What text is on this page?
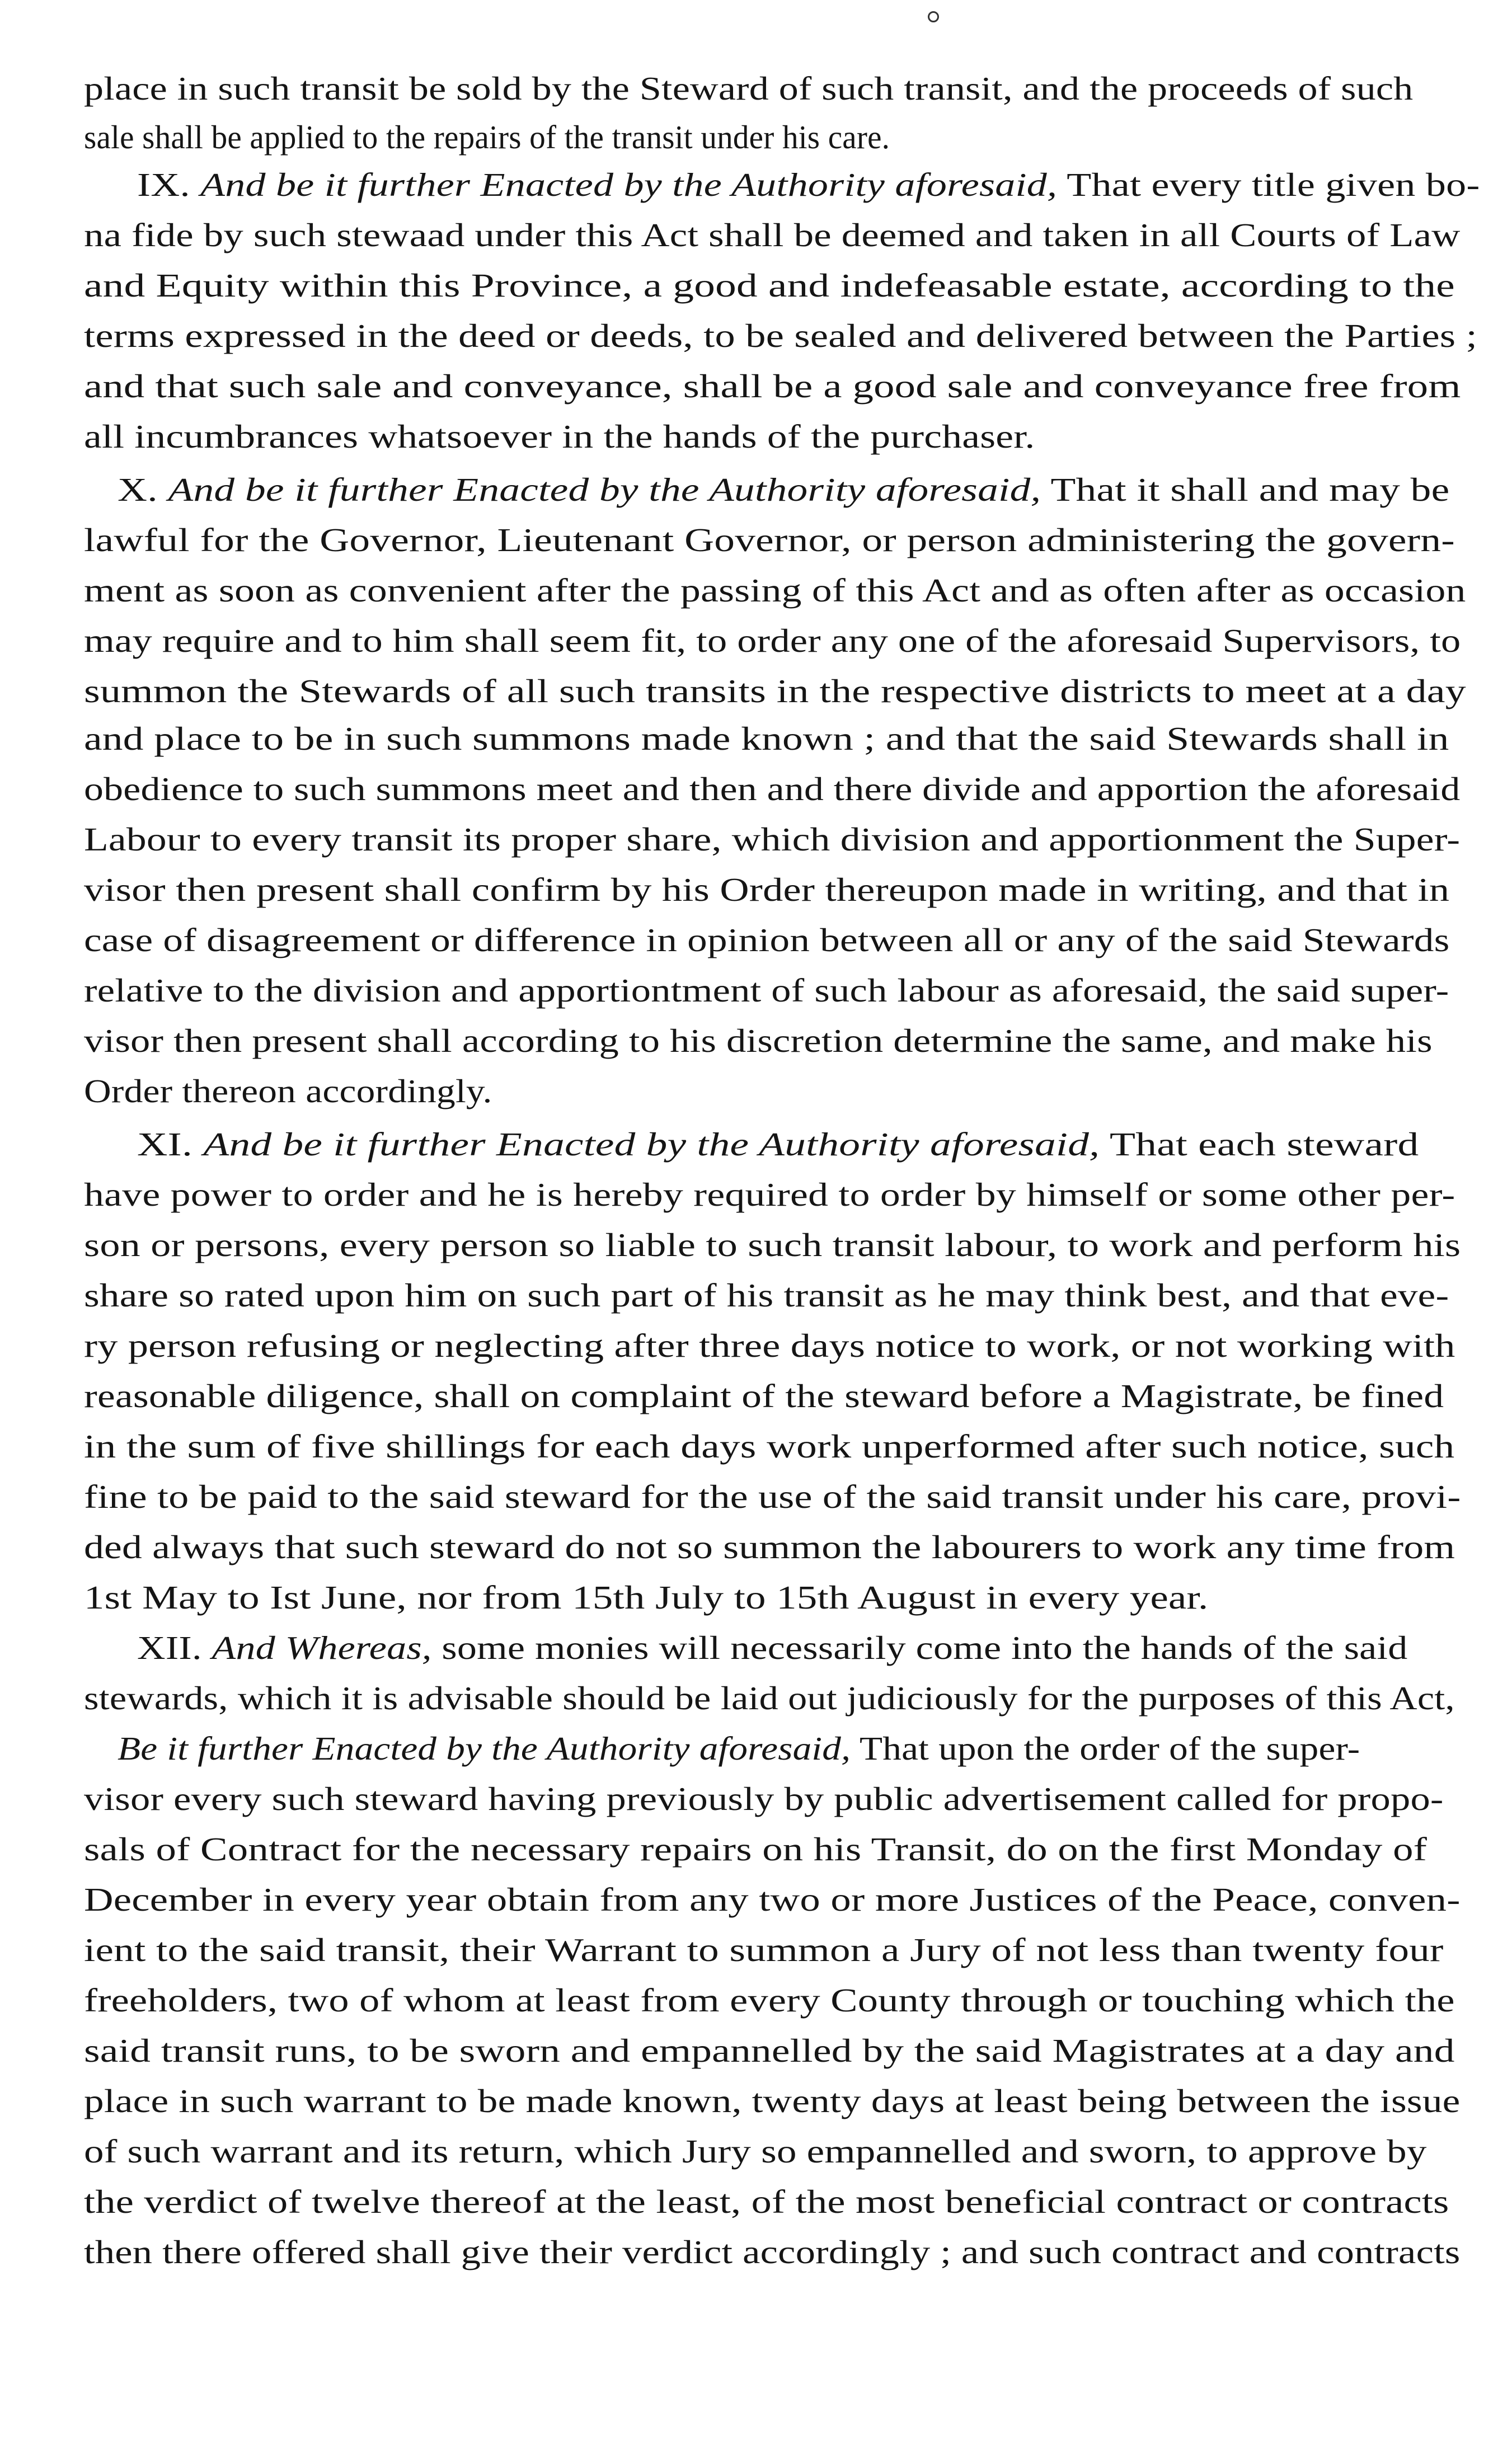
place in such transit be sold by the Steward of such transit, and the proceeds of such
sale shall be applied to the repairs of the transit under his care.
IX. And be it further Enacted by the Authority aforesaid, That every title given bo-
na fide by such stewaad under this Act shall be deemed and taken in all Courts of Law
and Equity within this Province, a good and indefeasable estate, according to the
terms expressed in the deed or deeds, to be sealed and delivered between the Parties ;
and that such sale and conveyance, shall be a good sale and conveyance free from
all incumbrances whatsoever in the hands of the purchaser.
X. And be it further Enacted by the Authority aforesaid, That it shall and may be
lawful for the Governor, Lieutenant Governor, or person administering the govern-
ment as soon as convenient after the passing of this Act and as often after as occasion
may require and to him shall seem fit, to order any one of the aforesaid Supervisors, to
summon the Stewards of all such transits in the respective districts to meet at a day
and place to be in such summons made known ; and that the said Stewards shall in
obedience to such summons meet and then and there divide and apportion the aforesaid
Labour to every transit its proper share, which division and apportionment the Super-
visor then present shall confirm by his Order thereupon made in writing, and that in
case of disagreement or difference in opinion between all or any of the said Stewards
relative to the division and apportiontment of such labour as aforesaid, the said super-
visor then present shall according to his discretion determine the same, and make his
Order thereon accordingly.
XI. And be it further Enacted by the Authority aforesaid, That each steward
have power to order and he is hereby required to order by himself or some other per-
son or persons, every person so liable to such transit labour, to work and perform his
share so rated upon him on such part of his transit as he may think best, and that eve-
ry person refusing or neglecting after three days notice to work, or not working with
reasonable diligence, shall on complaint of the steward before a Magistrate, be fined
in the sum of five shillings for each days work unperformed after such notice, such
fine to be paid to the said steward for the use of the said transit under his care, provi-
ded always that such steward do not so summon the labourers to work any time from
1st May to Ist June, nor from 15th July to 15th August in every year.
XII. And Whereas, some monies will necessarily come into the hands of the said
stewards, which it is advisable should be laid out judiciously for the purposes of this Act,
Be it further Enacted by the Authority aforesaid, That upon the order of the super-
visor every such steward having previously by public advertisement called for propo-
sals of Contract for the necessary repairs on his Transit, do on the first Monday of
December in every year obtain from any two or more Justices of the Peace, conven-
ient to the said transit, their Warrant to summon a Jury of not less than twenty four
freeholders, two of whom at least from every County through or touching which the
said transit runs, to be sworn and empannelled by the said Magistrates at a day and
place in such warrant to be made known, twenty days at least being between the issue
of such warrant and its return, which Jury so empannelled and sworn, to approve by
the verdict of twelve thereof at the least, of the most beneficial contract or contracts
then there offered shall give their verdict accordingly ; and such contract and contracts
